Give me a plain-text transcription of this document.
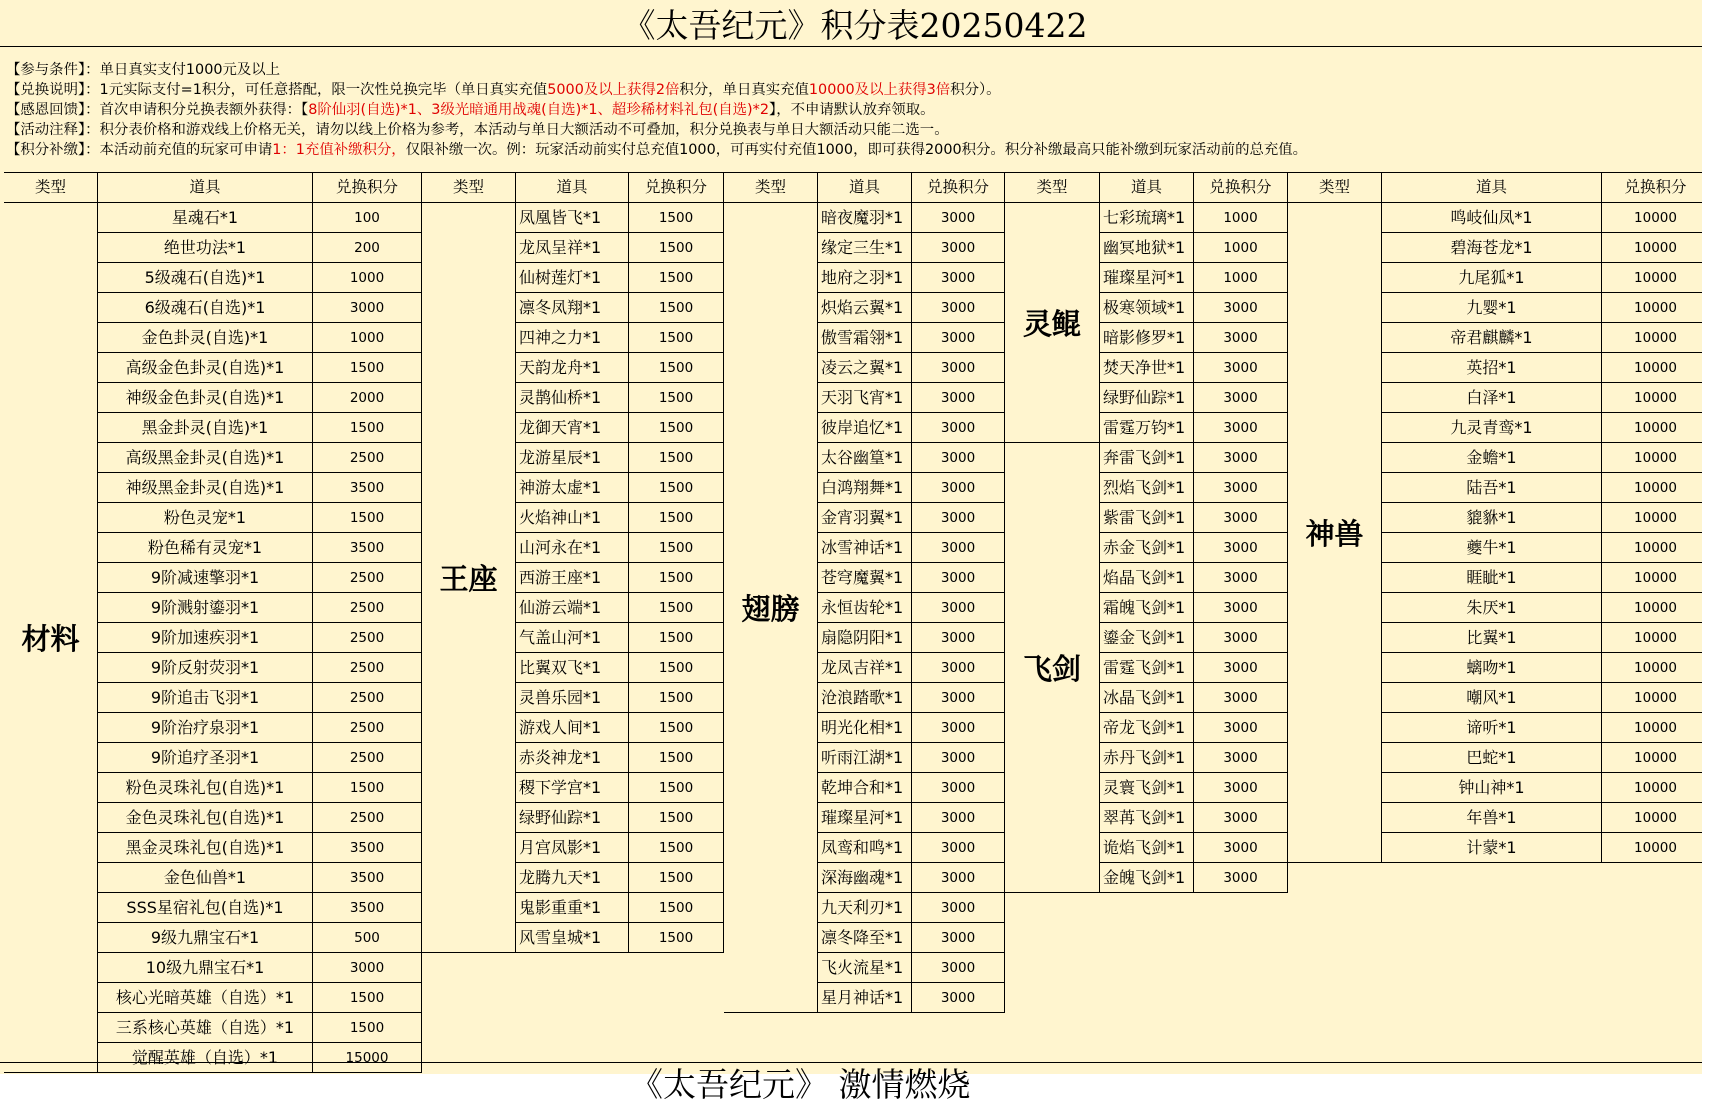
《太吾纪元》积分表20250422
【参与条件】：单日真实支付1000元及以上
【兑换说明】：1元实际支付=1积分，可任意搭配，限一次性兑换完毕（单日真实充值5000及以上获得2倍积分，单日真实充值10000及以上获得3倍积分）。
【感恩回馈】：首次申请积分兑换表额外获得：【8阶仙羽(自选)*1、3级光暗通用战魂(自选)*1、超珍稀材料礼包(自选)*2】，不申请默认放弃领取。
【活动注释】：积分表价格和游戏线上价格无关，请勿以线上价格为参考，本活动与单日大额活动不可叠加，积分兑换表与单日大额活动只能二选一。
【积分补缴】：本活动前充值的玩家可申请1：1充值补缴积分，仅限补缴一次。例：玩家活动前实付总充值1000，可再实付充值1000，即可获得2000积分。积分补缴最高只能补缴到玩家活动前的总充值。
类型	道具	兑换积分
材料
星魂石*1	100
绝世功法*1	200
5级魂石(自选)*1	1000
6级魂石(自选)*1	3000
金色卦灵(自选)*1	1000
高级金色卦灵(自选)*1	1500
神级金色卦灵(自选)*1	2000
黑金卦灵(自选)*1	1500
高级黑金卦灵(自选)*1	2500
神级黑金卦灵(自选)*1	3500
粉色灵宠*1	1500
粉色稀有灵宠*1	3500
9阶减速擎羽*1	2500
9阶溅射鎏羽*1	2500
9阶加速疾羽*1	2500
9阶反射荧羽*1	2500
9阶追击飞羽*1	2500
9阶治疗泉羽*1	2500
9阶追疗圣羽*1	2500
粉色灵珠礼包(自选)*1	1500
金色灵珠礼包(自选)*1	2500
黑金灵珠礼包(自选)*1	3500
金色仙兽*1	3500
SSS星宿礼包(自选)*1	3500
9级九鼎宝石*1	500
10级九鼎宝石*1	3000
核心光暗英雄（自选）*1	1500
三系核心英雄（自选）*1	1500
觉醒英雄（自选）*1	15000
类型	道具	兑换积分
王座
凤凰皆飞*1	1500
龙凤呈祥*1	1500
仙树莲灯*1	1500
凛冬凤翔*1	1500
四神之力*1	1500
天韵龙舟*1	1500
灵鹊仙桥*1	1500
龙御天宵*1	1500
龙游星辰*1	1500
神游太虚*1	1500
火焰神山*1	1500
山河永在*1	1500
西游王座*1	1500
仙游云端*1	1500
气盖山河*1	1500
比翼双飞*1	1500
灵兽乐园*1	1500
游戏人间*1	1500
赤炎神龙*1	1500
稷下学宫*1	1500
绿野仙踪*1	1500
月宫凤影*1	1500
龙腾九天*1	1500
鬼影重重*1	1500
风雪皇城*1	1500
类型	道具	兑换积分
翅膀
暗夜魔羽*1	3000
缘定三生*1	3000
地府之羽*1	3000
炽焰云翼*1	3000
傲雪霜翎*1	3000
凌云之翼*1	3000
天羽飞宵*1	3000
彼岸追忆*1	3000
太谷幽篁*1	3000
白鸿翔舞*1	3000
金宵羽翼*1	3000
冰雪神话*1	3000
苍穹魔翼*1	3000
永恒齿轮*1	3000
扇隐阴阳*1	3000
龙凤吉祥*1	3000
沧浪踏歌*1	3000
明光化相*1	3000
听雨江湖*1	3000
乾坤合和*1	3000
璀璨星河*1	3000
凤鸾和鸣*1	3000
深海幽魂*1	3000
九天利刃*1	3000
凛冬降至*1	3000
飞火流星*1	3000
星月神话*1	3000
类型	道具	兑换积分
灵鲲
七彩琉璃*1	1000
幽冥地狱*1	1000
璀璨星河*1	1000
极寒领域*1	3000
暗影修罗*1	3000
焚天净世*1	3000
绿野仙踪*1	3000
雷霆万钧*1	3000
飞剑
奔雷飞剑*1	3000
烈焰飞剑*1	3000
紫雷飞剑*1	3000
赤金飞剑*1	3000
焰晶飞剑*1	3000
霜魄飞剑*1	3000
鎏金飞剑*1	3000
雷霆飞剑*1	3000
冰晶飞剑*1	3000
帝龙飞剑*1	3000
赤丹飞剑*1	3000
灵寰飞剑*1	3000
翠苒飞剑*1	3000
诡焰飞剑*1	3000
金魄飞剑*1	3000
类型	道具	兑换积分
神兽
鸣岐仙凤*1	10000
碧海苍龙*1	10000
九尾狐*1	10000
九婴*1	10000
帝君麒麟*1	10000
英招*1	10000
白泽*1	10000
九灵青鸾*1	10000
金蟾*1	10000
陆吾*1	10000
貔貅*1	10000
夔牛*1	10000
睚眦*1	10000
朱厌*1	10000
比翼*1	10000
螭吻*1	10000
嘲风*1	10000
谛听*1	10000
巴蛇*1	10000
钟山神*1	10000
年兽*1	10000
计蒙*1	10000
《太吾纪元》 激情燃烧
